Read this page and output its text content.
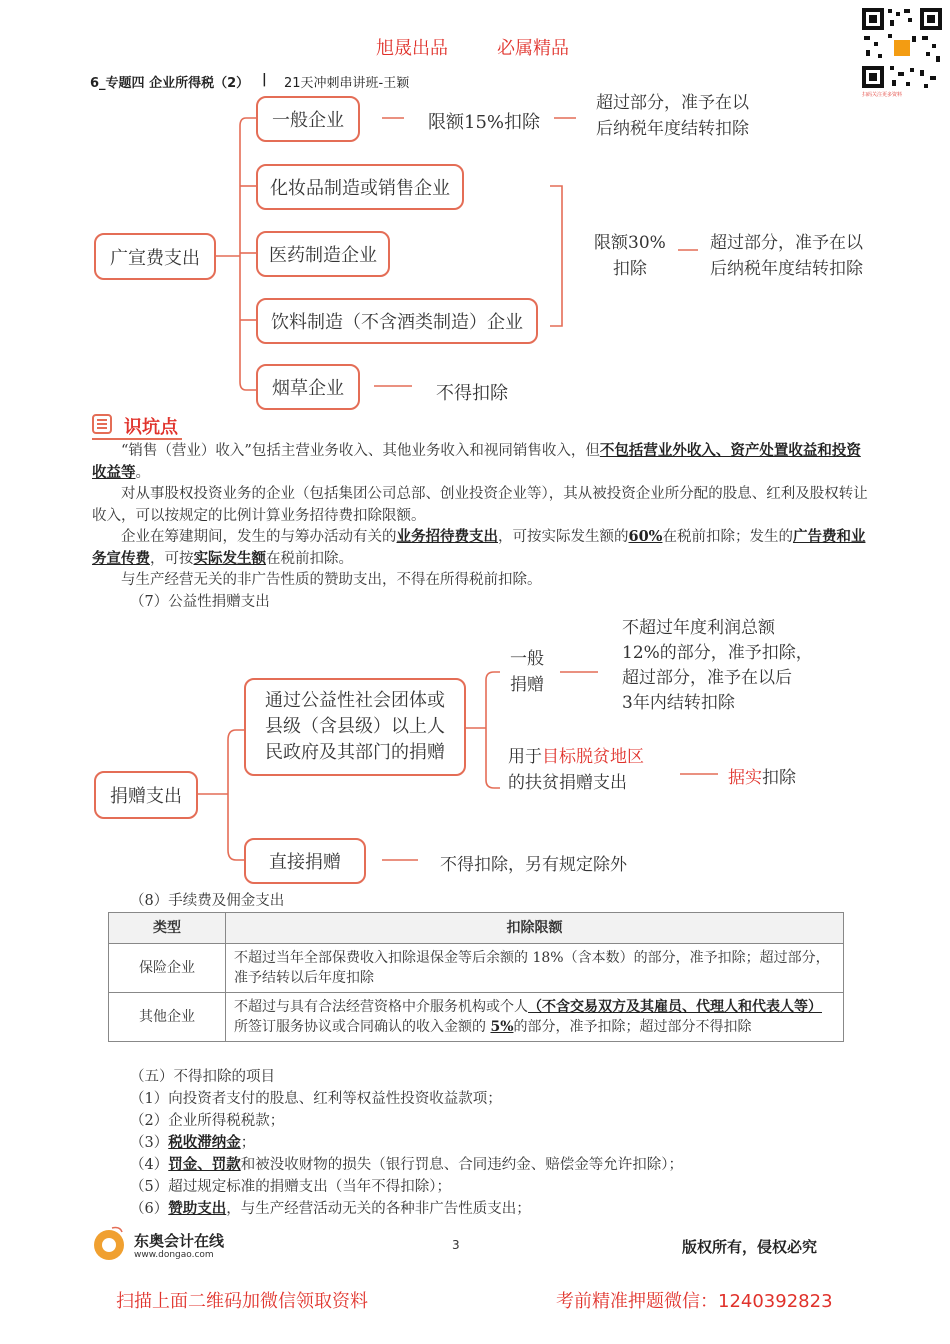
旭晟出品	必属精品
6_专题四 企业所得税（2） | 21天冲刺串讲班-王颖
扫码关注更多资料
广宣费支出
一般企业	限额15%扣除
超过部分，准予在以
后纳税年度结转扣除
化妆品制造或销售企业
医药制造企业
饮料制造（不含酒类制造）企业
限额30%
扣除
超过部分，准予在以
后纳税年度结转扣除
烟草企业	不得扣除
识坑点
“销售（营业）收入”包括主营业务收入、其他业务收入和视同销售收入，但不包括营业外收入、资产处置收益和投资收益等。
对从事股权投资业务的企业（包括集团公司总部、创业投资企业等），其从被投资企业所分配的股息、红利及股权转让收入，可以按规定的比例计算业务招待费扣除限额。
企业在筹建期间，发生的与筹办活动有关的业务招待费支出，可按实际发生额的60%在税前扣除；发生的广告费和业务宣传费，可按实际发生额在税前扣除。
与生产经营无关的非广告性质的赞助支出，不得在所得税前扣除。
（7）公益性捐赠支出
捐赠支出
通过公益性社会团体或
县级（含县级）以上人
民政府及其部门的捐赠
一般
捐赠
不超过年度利润总额
12%的部分，准予扣除，
超过部分，准予在以后
3年内结转扣除
用于目标脱贫地区
的扶贫捐赠支出	据实扣除
直接捐赠	不得扣除，另有规定除外
（8）手续费及佣金支出
类型	扣除限额
保险企业	不超过当年全部保费收入扣除退保金等后余额的 18%（含本数）的部分，准予扣除；超过部分，准予结转以后年度扣除
其他企业	不超过与具有合法经营资格中介服务机构或个人（不含交易双方及其雇员、代理人和代表人等）所签订服务协议或合同确认的收入金额的 5%的部分，准予扣除；超过部分不得扣除
（五）不得扣除的项目
（1）向投资者支付的股息、红利等权益性投资收益款项；
（2）企业所得税税款；
（3）税收滞纳金；
（4）罚金、罚款和被没收财物的损失（银行罚息、合同违约金、赔偿金等允许扣除）；
（5）超过规定标准的捐赠支出（当年不得扣除）；
（6）赞助支出，与生产经营活动无关的各种非广告性质支出；
东奥会计在线
www.dongao.com
3	版权所有，侵权必究
扫描上面二维码加微信领取资料	考前精准押题微信：1240392823
